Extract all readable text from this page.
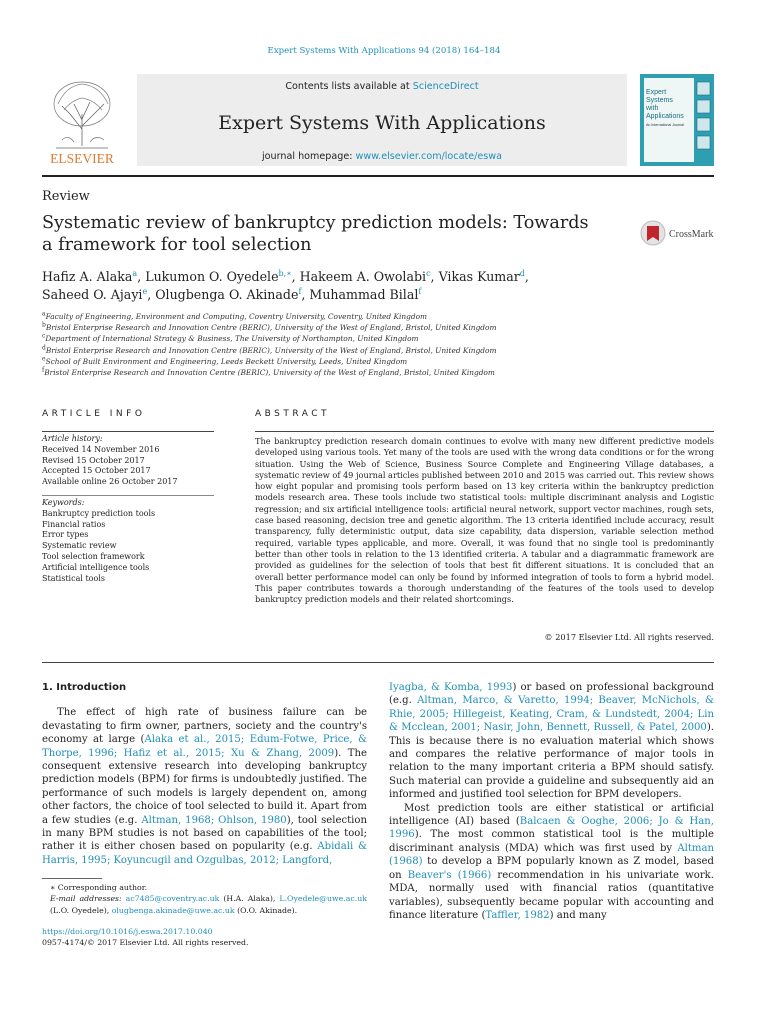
Expert Systems With Applications 94 (2018) 164–184
ELSEVIER
Contents lists available at ScienceDirect
Expert Systems With Applications
journal homepage: www.elsevier.com/locate/eswa
Expert
Systems
with
Applications
An International Journal
Review
Systematic review of bankruptcy prediction models: Towards a framework for tool selection
CrossMark
Hafiz A. Alaka$^a$, Lukumon O. Oyedele$^{b,∗}$, Hakeem A. Owolabi$^c$, Vikas Kumar$^d$,
Saheed O. Ajayi$^e$, Olugbenga O. Akinade$^f$, Muhammad Bilal$^f$
$^a$Faculty of Engineering, Environment and Computing, Coventry University, Coventry, United Kingdom
$^b$Bristol Enterprise Research and Innovation Centre (BERIC), University of the West of England, Bristol, United Kingdom
$^c$Department of International Strategy & Business, The University of Northampton, United Kingdom
$^d$Bristol Enterprise Research and Innovation Centre (BERIC), University of the West of England, Bristol, United Kingdom
$^e$School of Built Environment and Engineering, Leeds Beckett University, Leeds, United Kingdom
$^f$Bristol Enterprise Research and Innovation Centre (BERIC), University of the West of England, Bristol, United Kingdom
ARTICLE INFO	ABSTRACT
Article history:
Received 14 November 2016
Revised 15 October 2017
Accepted 15 October 2017
Available online 26 October 2017
Keywords:
Bankruptcy prediction tools
Financial ratios
Error types
Systematic review
Tool selection framework
Artificial intelligence tools
Statistical tools
The bankruptcy prediction research domain continues to evolve with many new different predictive models developed using various tools. Yet many of the tools are used with the wrong data conditions or for the wrong situation. Using the Web of Science, Business Source Complete and Engineering Village databases, a systematic review of 49 journal articles published between 2010 and 2015 was carried out. This review shows how eight popular and promising tools perform based on 13 key criteria within the bankruptcy prediction models research area. These tools include two statistical tools: multiple discriminant analysis and Logistic regression; and six artificial intelligence tools: artificial neural network, support vector machines, rough sets, case based reasoning, decision tree and genetic algorithm. The 13 criteria identified include accuracy, result transparency, fully deterministic output, data size capability, data dispersion, variable selection method required, variable types applicable, and more. Overall, it was found that no single tool is predominantly better than other tools in relation to the 13 identified criteria. A tabular and a diagrammatic framework are provided as guidelines for the selection of tools that best fit different situations. It is concluded that an overall better performance model can only be found by informed integration of tools to form a hybrid model. This paper contributes towards a thorough understanding of the features of the tools used to develop bankruptcy prediction models and their related shortcomings.
© 2017 Elsevier Ltd. All rights reserved.
1. Introduction

The effect of high rate of business failure can be devastating to firm owner, partners, society and the country's economy at large (Alaka et al., 2015; Edum-Fotwe, Price, & Thorpe, 1996; Hafiz et al., 2015; Xu & Zhang, 2009). The consequent extensive research into developing bankruptcy prediction models (BPM) for firms is undoubtedly justified. The performance of such models is largely dependent on, among other factors, the choice of tool selected to build it. Apart from a few studies (e.g. Altman, 1968; Ohlson, 1980), tool selection in many BPM studies is not based on capabilities of the tool; rather it is either chosen based on popularity (e.g. Abidali & Harris, 1995; Koyuncugil and Ozgulbas, 2012; Langford,

Iyagba, & Komba, 1993) or based on professional background (e.g. Altman, Marco, & Varetto, 1994; Beaver, McNichols, & Rhie, 2005; Hillegeist, Keating, Cram, & Lundstedt, 2004; Lin & Mcclean, 2001; Nasir, John, Bennett, Russell, & Patel, 2000). This is because there is no evaluation material which shows and compares the relative performance of major tools in relation to the many important criteria a BPM should satisfy. Such material can provide a guideline and subsequently aid an informed and justified tool selection for BPM developers.

Most prediction tools are either statistical or artificial intelligence (AI) based (Balcaen & Ooghe, 2006; Jo & Han, 1996). The most common statistical tool is the multiple discriminant analysis (MDA) which was first used by Altman (1968) to develop a BPM popularly known as Z model, based on Beaver's (1966) recommendation in his univariate work. MDA, normally used with financial ratios (quantitative variables), subsequently became popular with accounting and finance literature (Taffler, 1982) and many

∗ Corresponding author.
E-mail addresses: ac7485@coventry.ac.uk (H.A. Alaka), L.Oyedele@uwe.ac.uk (L.O. Oyedele), olugbenga.akinade@uwe.ac.uk (O.O. Akinade).
https://doi.org/10.1016/j.eswa.2017.10.040
0957-4174/© 2017 Elsevier Ltd. All rights reserved.
